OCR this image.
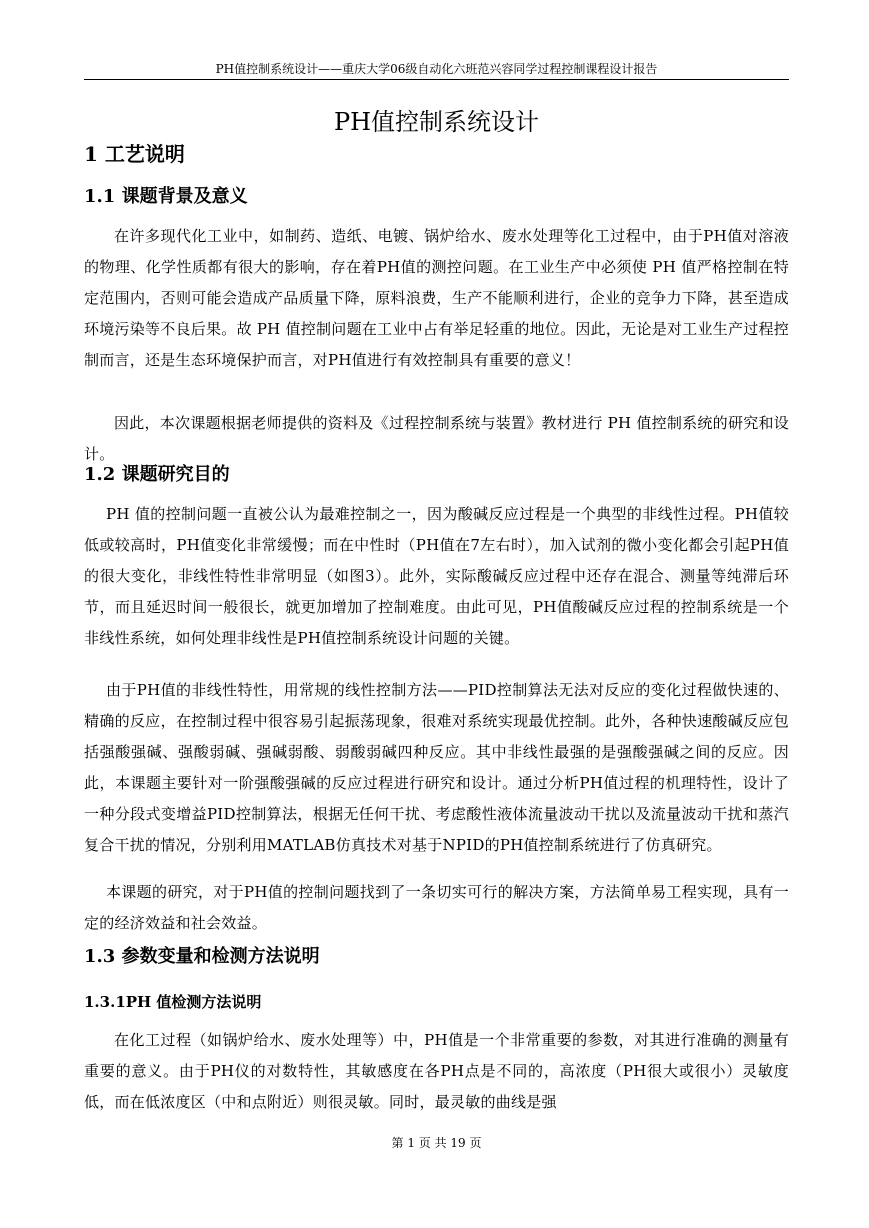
PH值控制系统设计——重庆大学06级自动化六班范兴容同学过程控制课程设计报告
PH值控制系统设计
1 工艺说明
1.1 课题背景及意义

在许多现代化工业中，如制药、造纸、电镀、锅炉给水、废水处理等化工过程中，由于PH值对溶液的物理、化学性质都有很大的影响，存在着PH值的测控问题。在工业生产中必须使 PH 值严格控制在特定范围内，否则可能会造成产品质量下降，原料浪费，生产不能顺利进行，企业的竞争力下降，甚至造成环境污染等不良后果。故 PH 值控制问题在工业中占有举足轻重的地位。因此，无论是对工业生产过程控制而言，还是生态环境保护而言，对PH值进行有效控制具有重要的意义！

因此，本次课题根据老师提供的资料及《过程控制系统与装置》教材进行 PH 值控制系统的研究和设计。

1.2 课题研究目的

PH 值的控制问题一直被公认为最难控制之一，因为酸碱反应过程是一个典型的非线性过程。PH值较低或较高时，PH值变化非常缓慢；而在中性时（PH值在7左右时），加入试剂的微小变化都会引起PH值的很大变化，非线性特性非常明显（如图3）。此外，实际酸碱反应过程中还存在混合、测量等纯滞后环节，而且延迟时间一般很长，就更加增加了控制难度。由此可见，PH值酸碱反应过程的控制系统是一个非线性系统，如何处理非线性是PH值控制系统设计问题的关键。

由于PH值的非线性特性，用常规的线性控制方法——PID控制算法无法对反应的变化过程做快速的、精确的反应，在控制过程中很容易引起振荡现象，很难对系统实现最优控制。此外，各种快速酸碱反应包括强酸强碱、强酸弱碱、强碱弱酸、弱酸弱碱四种反应。其中非线性最强的是强酸强碱之间的反应。因此，本课题主要针对一阶强酸强碱的反应过程进行研究和设计。通过分析PH值过程的机理特性，设计了一种分段式变增益PID控制算法，根据无任何干扰、考虑酸性液体流量波动干扰以及流量波动干扰和蒸汽复合干扰的情况，分别利用MATLAB仿真技术对基于NPID的PH值控制系统进行了仿真研究。

本课题的研究，对于PH值的控制问题找到了一条切实可行的解决方案，方法简单易工程实现，具有一定的经济效益和社会效益。

1.3 参数变量和检测方法说明
1.3.1PH 值检测方法说明

在化工过程（如锅炉给水、废水处理等）中，PH值是一个非常重要的参数，对其进行准确的测量有重要的意义。由于PH仪的对数特性，其敏感度在各PH点是不同的，高浓度（PH很大或很小）灵敏度低，而在低浓度区（中和点附近）则很灵敏。同时，最灵敏的曲线是强

第 1 页 共 19 页
